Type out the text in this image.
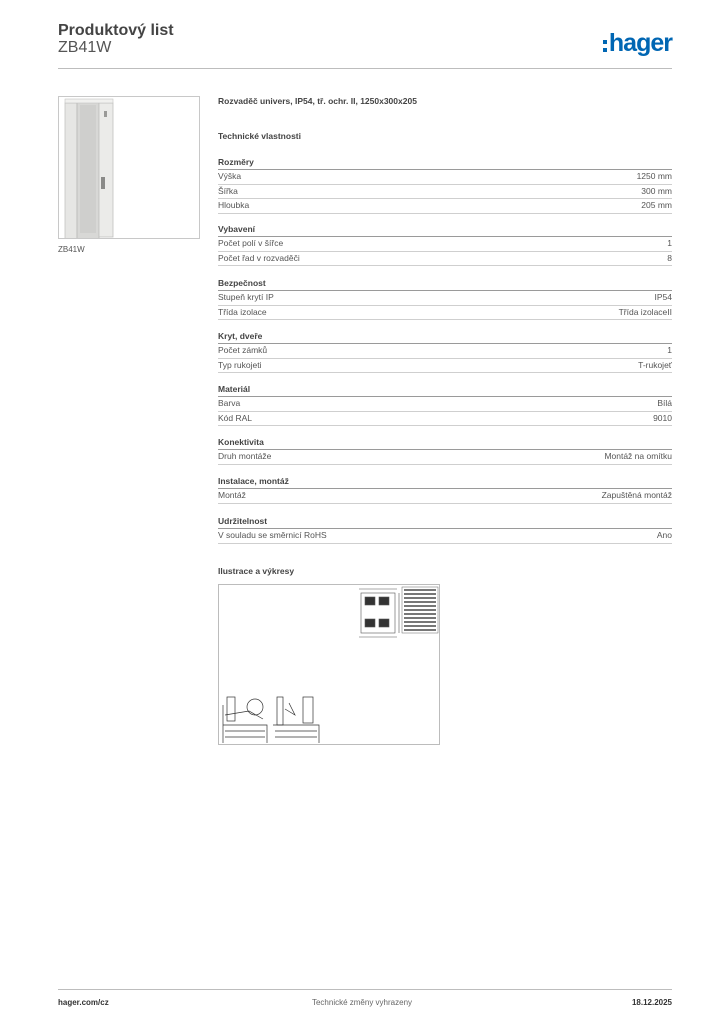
Produktový list
ZB41W	hager
ZB41W
Rozvaděč univers, IP54, tř. ochr. II, 1250x300x205
Technické vlastnosti
Rozměry
Výška	1250 mm
Šířka	300 mm
Hloubka	205 mm
Vybavení
Počet polí v šířce	1
Počet řad v rozvaděči	8
Bezpečnost
Stupeň krytí IP	IP54
Třída izolace	Třída izolaceII
Kryt, dveře
Počet zámků	1
Typ rukojeti	T-rukojeť
Materiál
Barva	Bílá
Kód RAL	9010
Konektivita
Druh montáže	Montáž na omítku
Instalace, montáž
Montáž	Zapuštěná montáž
Udržitelnost
V souladu se směrnicí RoHS	Ano
Ilustrace a výkresy
hager.com/cz	Technické změny vyhrazeny	18.12.2025
